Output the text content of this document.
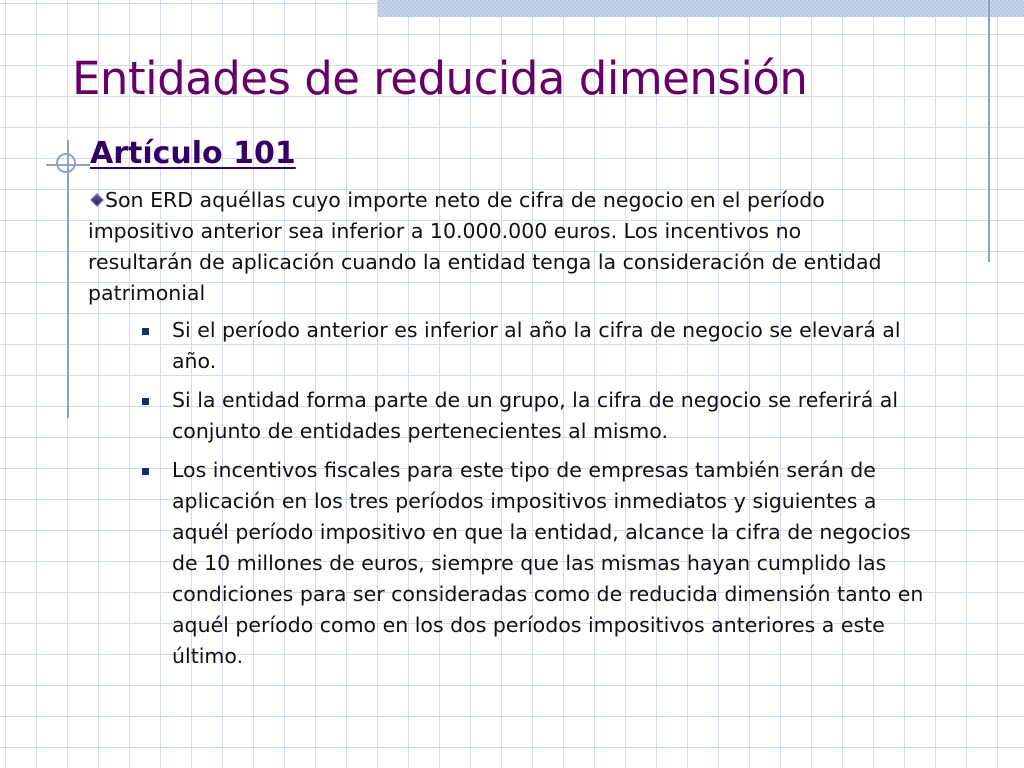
Entidades de reducida dimensión
Artículo 101
Son ERD aquéllas cuyo importe neto de cifra de negocio en el período impositivo anterior sea inferior a 10.000.000 euros. Los incentivos no resultarán de aplicación cuando la entidad tenga la consideración de entidad patrimonial
Si el período anterior es inferior al año la cifra de negocio se elevará al año.
Si la entidad forma parte de un grupo, la cifra de negocio se referirá al conjunto de entidades pertenecientes al mismo.
Los incentivos fiscales para este tipo de empresas también serán de aplicación en los tres períodos impositivos inmediatos y siguientes a aquél período impositivo en que la entidad, alcance la cifra de negocios de 10 millones de euros, siempre que las mismas hayan cumplido las condiciones para ser consideradas como de reducida dimensión tanto en aquél período como en los dos períodos impositivos anteriores a este último.
